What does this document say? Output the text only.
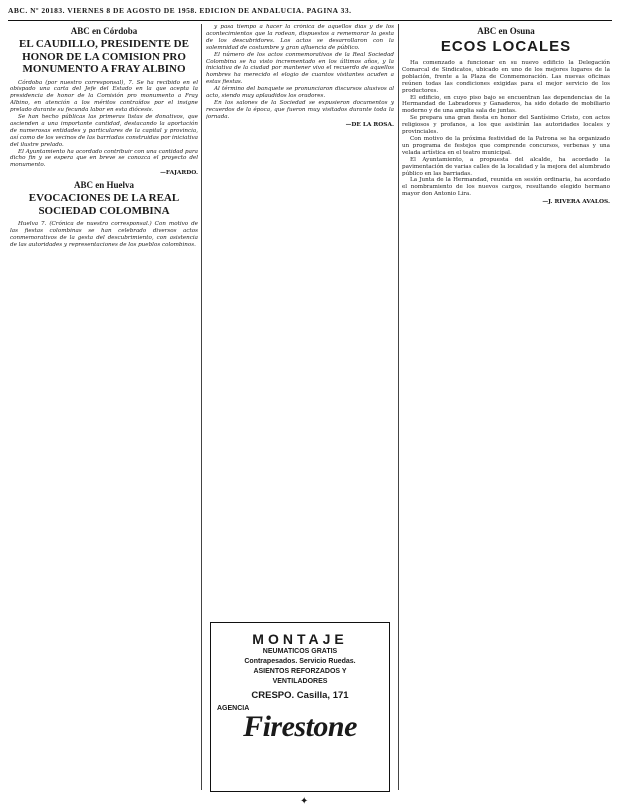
ABC. Nº 20183. VIERNES 8 DE AGOSTO DE 1958. EDICION DE ANDALUCIA. PAGINA 33.
ABC en Córdoba
EL CAUDILLO, PRESIDENTE DE HONOR DE LA COMISION PRO MONUMENTO A FRAY ALBINO

Córdoba (por nuestro corresponsal), 7. Se ha recibido en el obispado una carta del Jefe del Estado en la que acepta la presidencia de honor de la Comisión pro monumento a Fray Albino, en atención a los méritos contraídos por el insigne prelado durante su fecunda labor en esta diócesis.

Se han hecho públicas las primeras listas de donativos, que ascienden a una importante cantidad, destacando la aportación de numerosas entidades y particulares de la capital y provincia, así como de los vecinos de las barriadas construidas por iniciativa del ilustre prelado.

El Ayuntamiento ha acordado contribuir con una cantidad para dicho fin y se espera que en breve se conozca el proyecto del monumento.

—FAJARDO.
ABC en Huelva
EVOCACIONES DE LA REAL SOCIEDAD COLOMBINA

Huelva 7. (Crónica de nuestro corresponsal.) Con motivo de las fiestas colombinas se han celebrado diversos actos conmemorativos de la gesta del descubrimiento, con asistencia de las autoridades y representaciones de los pueblos colombinos.

y pasa tiempo a hacer la crónica de aquellos días y de los acontecimientos que la rodean, dispuestos a rememorar la gesta de los descubridores. Los actos se desarrollaron con la solemnidad de costumbre y gran afluencia de público.

El número de los actos conmemorativos de la Real Sociedad Colombina se ha visto incrementado en los últimos años, y la iniciativa de la ciudad por mantener vivo el recuerdo de aquellos hombres ha merecido el elogio de cuantos visitantes acuden a estas fiestas.

Al término del banquete se pronunciaron discursos alusivos al acto, siendo muy aplaudidos los oradores.

En los salones de la Sociedad se expusieron documentos y recuerdos de la época, que fueron muy visitados durante toda la jornada.

—DE LA ROSA.
MONTAJE
NEUMATICOS GRATIS
Contrapesados. Servicio Ruedas.
ASIENTOS REFORZADOS Y
VENTILADORES
CRESPO. Casilla, 171
AGENCIA
Firestone
ABC en Osuna
ECOS LOCALES

Ha comenzado a funcionar en su nuevo edificio la Delegación Comarcal de Sindicatos, ubicado en uno de los mejores lugares de la población, frente a la Plaza de Conmemoración. Las nuevas oficinas reúnen todas las condiciones exigidas para el mejor servicio de los productores.

El edificio, en cuyo piso bajo se encuentran las dependencias de la Hermandad de Labradores y Ganaderos, ha sido dotado de mobiliario moderno y de una amplia sala de juntas.

Se prepara una gran fiesta en honor del Santísimo Cristo, con actos religiosos y profanos, a los que asistirán las autoridades locales y provinciales.

Con motivo de la próxima festividad de la Patrona se ha organizado un programa de festejos que comprende concursos, verbenas y una velada artística en el teatro municipal.

El Ayuntamiento, a propuesta del alcalde, ha acordado la pavimentación de varias calles de la localidad y la mejora del alumbrado público en las barriadas.

La Junta de la Hermandad, reunida en sesión ordinaria, ha acordado el nombramiento de los nuevos cargos, resultando elegido hermano mayor don Antonio Lira.

—J. RIVERA AVALOS.
✦
